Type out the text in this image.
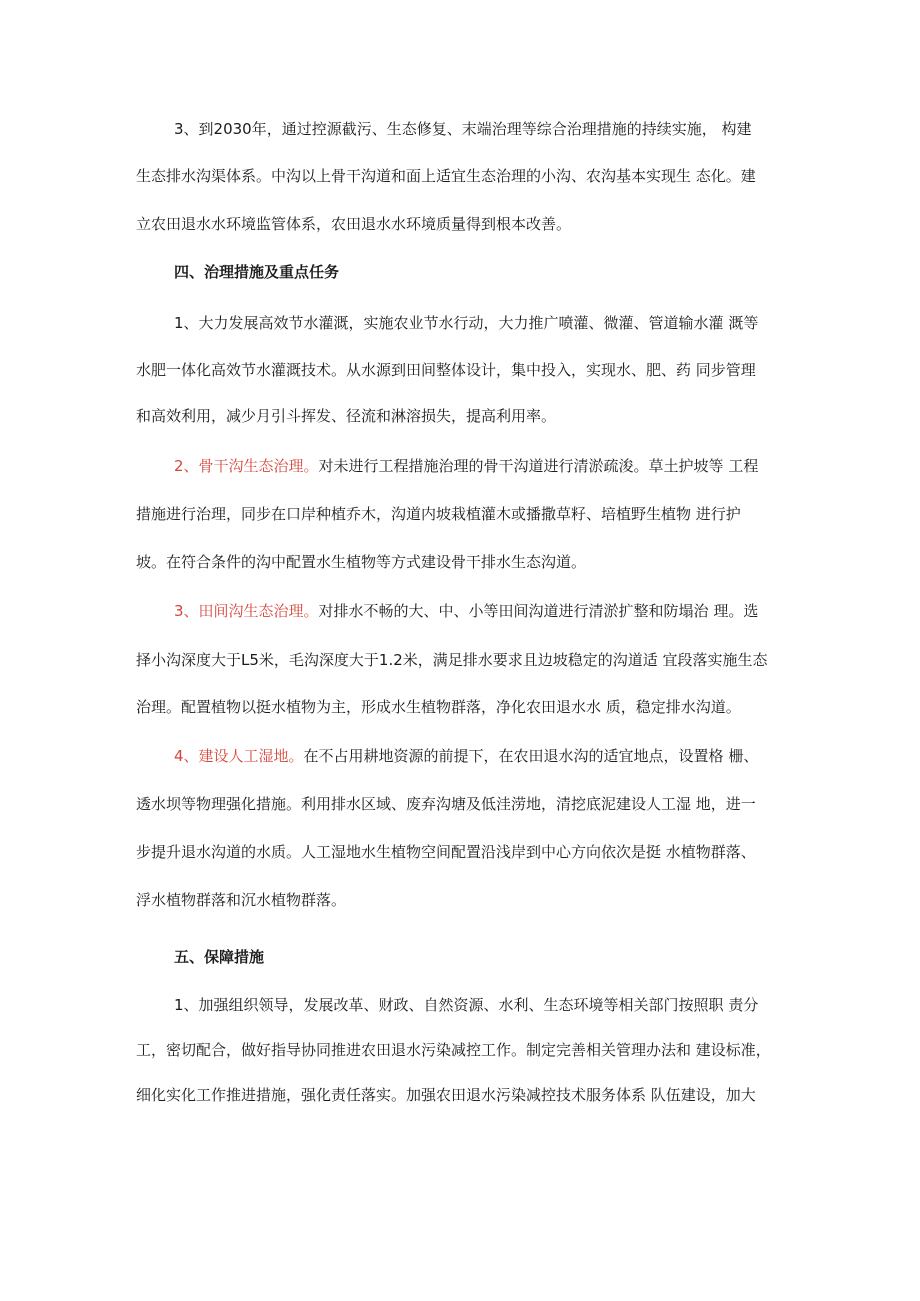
3、到2030年，通过控源截污、生态修复、末端治理等综合治理措施的持续实施， 构建
生态排水沟渠体系。中沟以上骨干沟道和面上适宜生态治理的小沟、农沟基本实现生 态化。建
立农田退水水环境监管体系，农田退水水环境质量得到根本改善。
四、治理措施及重点任务
1、大力发展高效节水灌溉，实施农业节水行动，大力推广喷灌、微灌、管道输水灌 溉等
水肥一体化高效节水灌溉技术。从水源到田间整体设计，集中投入，实现水、肥、药 同步管理
和高效利用，减少月引斗挥发、径流和淋溶损失，提高利用率。
2、骨干沟生态治理。对未进行工程措施治理的骨干沟道进行清淤疏浚。草土护坡等 工程
措施进行治理，同步在口岸种植乔木，沟道内坡栽植灌木或播撒草籽、培植野生植物 进行护
坡。在符合条件的沟中配置水生植物等方式建设骨干排水生态沟道。
3、田间沟生态治理。对排水不畅的大、中、小等田间沟道进行清淤扩整和防塌治 理。选
择小沟深度大于L5米，毛沟深度大于1.2米，满足排水要求且边坡稳定的沟道适 宜段落实施生态
治理。配置植物以挺水植物为主，形成水生植物群落，净化农田退水水 质，稳定排水沟道。
4、建设人工湿地。在不占用耕地资源的前提下，在农田退水沟的适宜地点，设置格 栅、
透水坝等物理强化措施。利用排水区域、废弃沟塘及低洼涝地，清挖底泥建设人工湿 地，进一
步提升退水沟道的水质。人工湿地水生植物空间配置沿浅岸到中心方向依次是挺 水植物群落、
浮水植物群落和沉水植物群落。
五、保障措施
1、加强组织领导，发展改革、财政、自然资源、水利、生态环境等相关部门按照职 责分
工，密切配合，做好指导协同推进农田退水污染减控工作。制定完善相关管理办法和 建设标准，
细化实化工作推进措施，强化责任落实。加强农田退水污染减控技术服务体系 队伍建设，加大
